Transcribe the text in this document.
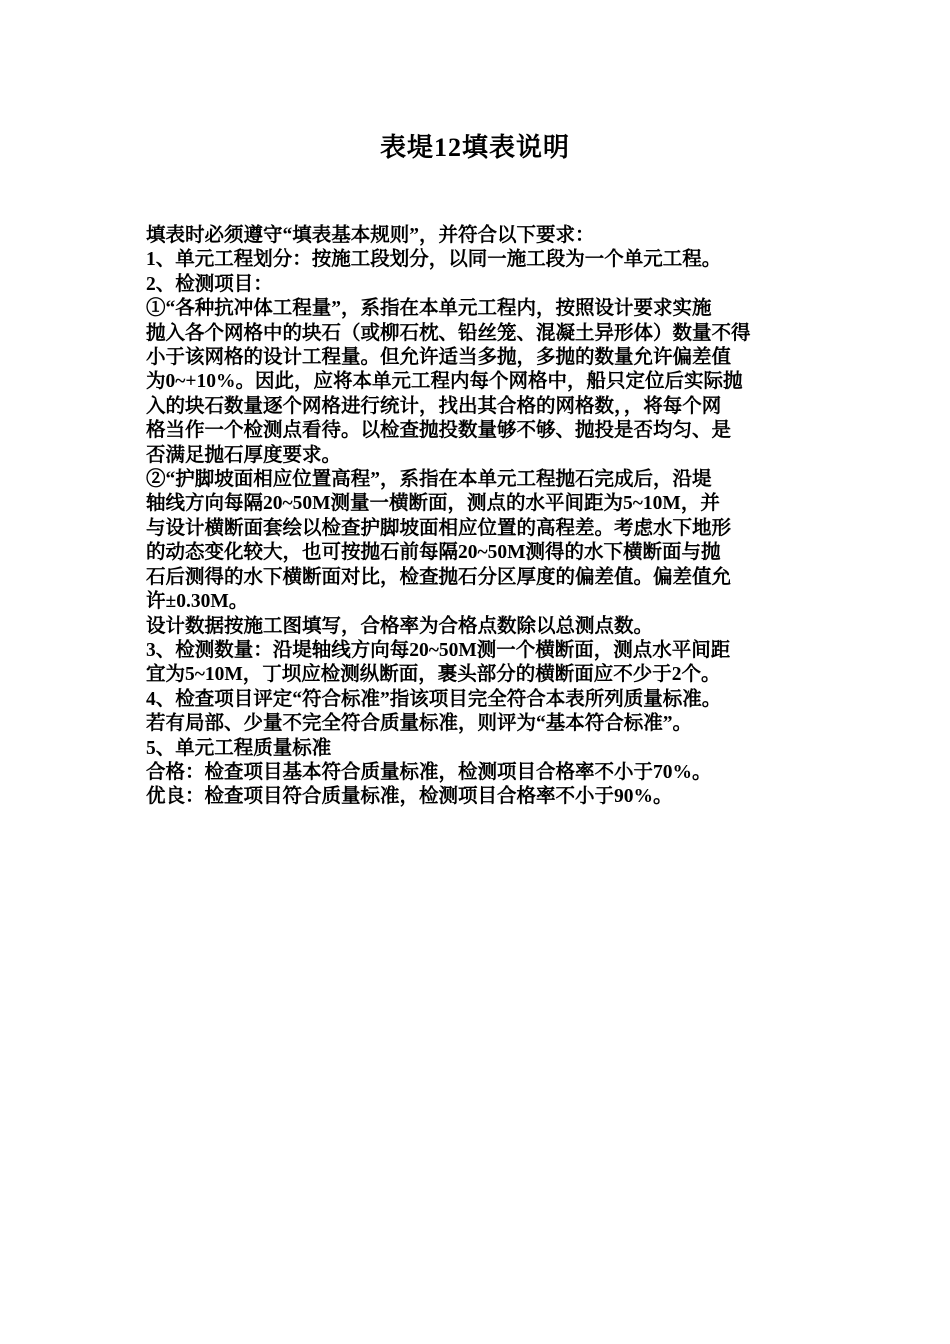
表堤12填表说明
填表时必须遵守“填表基本规则”，并符合以下要求：
1、单元工程划分：按施工段划分，以同一施工段为一个单元工程。
2、检测项目：
①“各种抗冲体工程量”，系指在本单元工程内，按照设计要求实施
抛入各个网格中的块石（或柳石枕、铅丝笼、混凝土异形体）数量不得
小于该网格的设计工程量。但允许适当多抛，多抛的数量允许偏差值
为0~+10%。因此，应将本单元工程内每个网格中，船只定位后实际抛
入的块石数量逐个网格进行统计，找出其合格的网格数，，将每个网
格当作一个检测点看待。以检查抛投数量够不够、抛投是否均匀、是
否满足抛石厚度要求。
②“护脚坡面相应位置高程”，系指在本单元工程抛石完成后，沿堤
轴线方向每隔20~50M测量一横断面，测点的水平间距为5~10M，并
与设计横断面套绘以检查护脚坡面相应位置的高程差。考虑水下地形
的动态变化较大，也可按抛石前每隔20~50M测得的水下横断面与抛
石后测得的水下横断面对比，检查抛石分区厚度的偏差值。偏差值允
许±0.30M。
设计数据按施工图填写，合格率为合格点数除以总测点数。
3、检测数量：沿堤轴线方向每20~50M测一个横断面，测点水平间距
宜为5~10M，丁坝应检测纵断面，裹头部分的横断面应不少于2个。
4、检查项目评定“符合标准”指该项目完全符合本表所列质量标准。
若有局部、少量不完全符合质量标准，则评为“基本符合标准”。
5、单元工程质量标准
合格：检查项目基本符合质量标准，检测项目合格率不小于70%。
优良：检查项目符合质量标准，检测项目合格率不小于90%。
